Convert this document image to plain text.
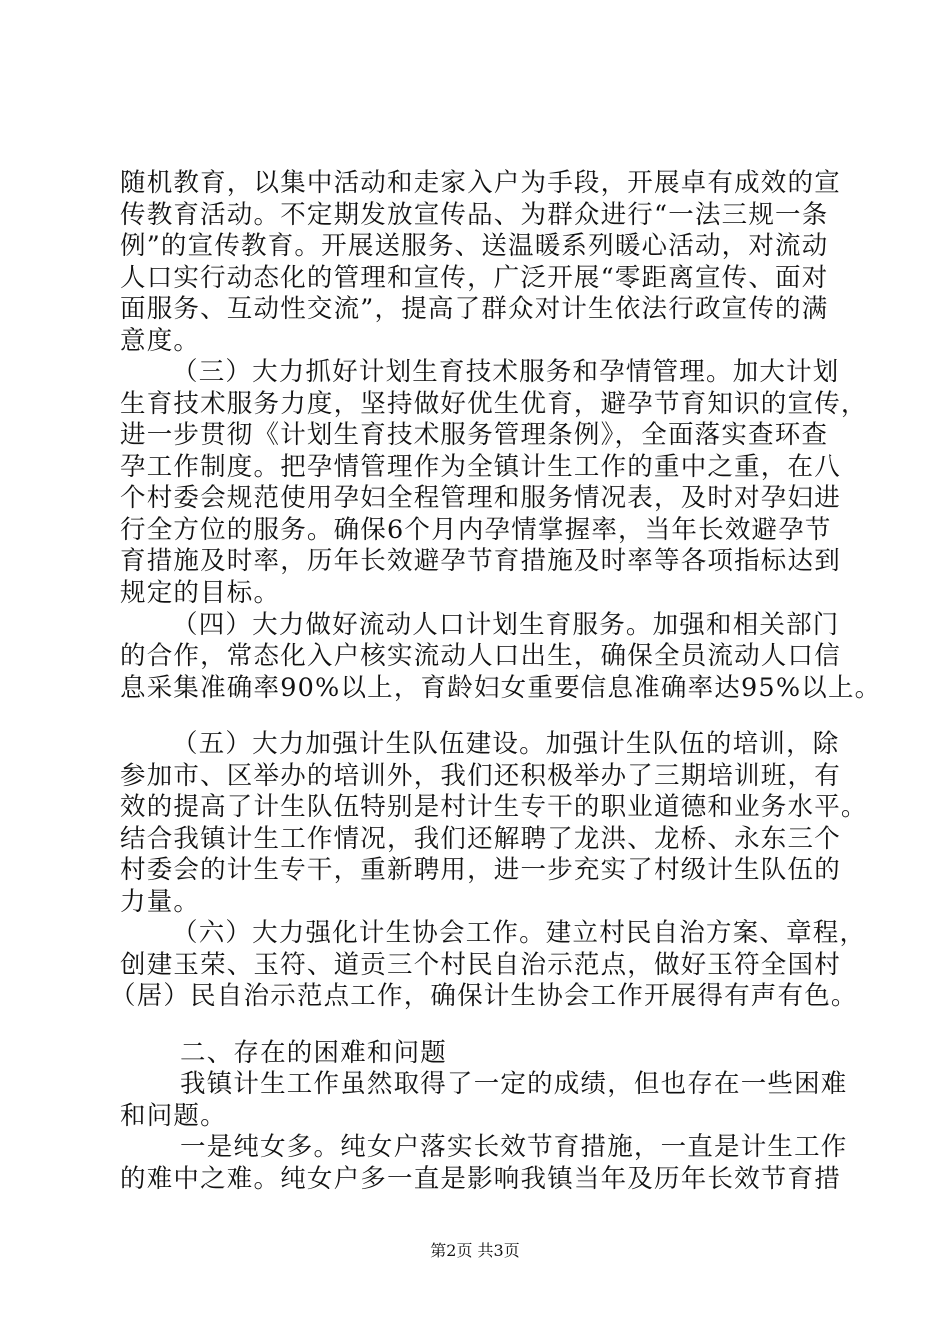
随机教育，以集中活动和走家入户为手段，开展卓有成效的宣
传教育活动。不定期发放宣传品、为群众进行“一法三规一条
例”的宣传教育。开展送服务、送温暖系列暖心活动，对流动
人口实行动态化的管理和宣传，广泛开展“零距离宣传、面对
面服务、互动性交流”，提高了群众对计生依法行政宣传的满
意度。
（三）大力抓好计划生育技术服务和孕情管理。加大计划
生育技术服务力度，坚持做好优生优育，避孕节育知识的宣传，
进一步贯彻《计划生育技术服务管理条例》，全面落实查环查
孕工作制度。把孕情管理作为全镇计生工作的重中之重，在八
个村委会规范使用孕妇全程管理和服务情况表，及时对孕妇进
行全方位的服务。确保6个月内孕情掌握率，当年长效避孕节
育措施及时率，历年长效避孕节育措施及时率等各项指标达到
规定的目标。
（四）大力做好流动人口计划生育服务。加强和相关部门
的合作，常态化入户核实流动人口出生，确保全员流动人口信
息采集准确率90%以上，育龄妇女重要信息准确率达95%以上。
（五）大力加强计生队伍建设。加强计生队伍的培训，除
参加市、区举办的培训外，我们还积极举办了三期培训班，有
效的提高了计生队伍特别是村计生专干的职业道德和业务水平。
结合我镇计生工作情况，我们还解聘了龙洪、龙桥、永东三个
村委会的计生专干，重新聘用，进一步充实了村级计生队伍的
力量。
（六）大力强化计生协会工作。建立村民自治方案、章程，
创建玉荣、玉符、道贡三个村民自治示范点，做好玉符全国村
（居）民自治示范点工作，确保计生协会工作开展得有声有色。
二、存在的困难和问题
我镇计生工作虽然取得了一定的成绩，但也存在一些困难
和问题。
一是纯女多。纯女户落实长效节育措施，一直是计生工作
的难中之难。纯女户多一直是影响我镇当年及历年长效节育措
第2页 共3页
